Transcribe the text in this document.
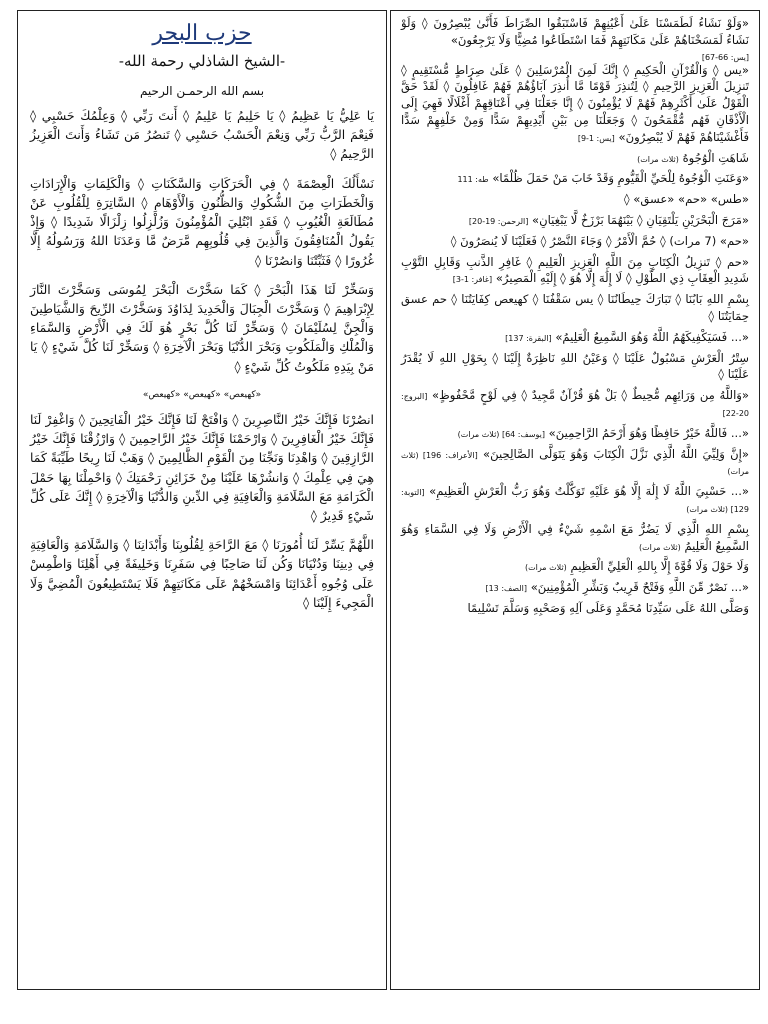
حزب البحر
-الشيخ الشاذلي رحمة الله-
بسم الله الرحمـن الرحيم

يَا عَلِيُّ يَا عَظِيمُ ◊ يَا حَلِيمُ يَا عَلِيمُ ◊ أَنتَ رَبِّي ◊ وَعِلْمُكَ حَسْبِي ◊ فَنِعْمَ الرَّبُّ رَبِّي وَنِعْمَ الْحَسْبُ حَسْبِي ◊ تَنصُرُ مَن تَشَاءُ وَأَنتَ الْعَزِيزُ الرَّحِيمُ ◊

نَسْأَلُكَ الْعِصْمَةَ ◊ فِي الْحَرَكَاتِ وَالسَّكَنَاتِ ◊ وَالْكَلِمَاتِ وَالْإِرَادَاتِ وَالْخَطَرَاتِ مِنَ الشُّكُوكِ وَالظُّنُونِ وَالْأَوْهَامِ ◊ السَّاتِرَةِ لِلْقُلُوبِ عَنْ مُطَالَعَةِ الْغُيُوبِ ◊ فَقَدِ ابْتُلِيَ الْمُؤْمِنُونَ وَزُلْزِلُوا زِلْزَالًا شَدِيدًا ◊ وَإِذْ يَقُولُ الْمُنَافِقُونَ وَالَّذِينَ فِي قُلُوبِهِم مَّرَضٌ مَّا وَعَدَنَا اللهُ وَرَسُولُهُ إِلَّا غُرُورًا ◊ فَثَبِّتْنَا وَانصُرْنَا ◊

وَسَخِّرْ لَنَا هَذَا الْبَحْرَ ◊ كَمَا سَخَّرْتَ الْبَحْرَ لِمُوسَى وَسَخَّرْتَ النَّارَ لِإِبْرَاهِيمَ ◊ وَسَخَّرْتَ الْجِبَالَ وَالْحَدِيدَ لِدَاوُدَ وَسَخَّرْتَ الرِّيحَ وَالشَّيَاطِينَ وَالْجِنَّ لِسُلَيْمَانَ ◊ وَسَخِّرْ لَنَا كُلَّ بَحْرٍ هُوَ لَكَ فِي الْأَرْضِ وَالسَّمَاءِ وَالْمُلْكِ وَالْمَلَكُوتِ وَبَحْرَ الدُّنْيَا وَبَحْرَ الْآخِرَةِ ◊ وَسَخِّرْ لَنَا كُلَّ شَيْءٍ ◊ يَا مَنْ بِيَدِهِ مَلَكُوتُ كُلِّ شَيْءٍ ◊

«كهيعص» «كهيعص» «كهيعص»

انصُرْنَا فَإِنَّكَ خَيْرُ النَّاصِرِينَ ◊ وَافْتَحْ لَنَا فَإِنَّكَ خَيْرُ الْفَاتِحِينَ ◊ وَاغْفِرْ لَنَا فَإِنَّكَ خَيْرُ الْغَافِرِينَ ◊ وَارْحَمْنَا فَإِنَّكَ خَيْرُ الرَّاحِمِينَ ◊ وَارْزُقْنَا فَإِنَّكَ خَيْرُ الرَّازِقِينَ ◊ وَاهْدِنَا وَنَجِّنَا مِنَ الْقَوْمِ الظَّالِمِينَ ◊ وَهَبْ لَنَا رِيحًا طَيِّبَةً كَمَا هِيَ فِي عِلْمِكَ ◊ وَانشُرْهَا عَلَيْنَا مِنْ خَزَائِنِ رَحْمَتِكَ ◊ وَاحْمِلْنَا بِهَا حَمْلَ الْكَرَامَةِ مَعَ السَّلَامَةِ وَالْعَافِيَةِ فِي الدِّينِ وَالدُّنْيَا وَالْآخِرَةِ ◊ إِنَّكَ عَلَى كُلِّ شَيْءٍ قَدِيرٌ ◊

اللَّهُمَّ يَسِّرْ لَنَا أُمُورَنَا ◊ مَعَ الرَّاحَةِ لِقُلُوبِنَا وَأَبْدَانِنَا ◊ وَالسَّلَامَةِ وَالْعَافِيَةِ فِي دِينِنَا وَدُنْيَانَا وَكُن لَنَا صَاحِبًا فِي سَفَرِنَا وَخَلِيفَةً فِي أَهْلِنَا وَاطْمِسْ عَلَى وُجُوهِ أَعْدَائِنَا وَامْسَخْهُمْ عَلَى مَكَانَتِهِمْ فَلَا يَسْتَطِيعُونَ الْمُضِيَّ وَلَا الْمَجِيءَ إِلَيْنَا ◊

«وَلَوْ نَشَاءُ لَطَمَسْنَا عَلَىٰ أَعْيُنِهِمْ فَاسْتَبَقُوا الصِّرَاطَ فَأَنَّىٰ يُبْصِرُونَ ◊ وَلَوْ نَشَاءُ لَمَسَخْنَاهُمْ عَلَىٰ مَكَانَتِهِمْ فَمَا اسْتَطَاعُوا مُضِيًّا وَلَا يَرْجِعُونَ»

[يس: 66-67]

«يس ◊ وَالْقُرْآنِ الْحَكِيمِ ◊ إِنَّكَ لَمِنَ الْمُرْسَلِينَ ◊ عَلَىٰ صِرَاطٍ مُّسْتَقِيمٍ ◊ تَنزِيلَ الْعَزِيزِ الرَّحِيمِ ◊ لِتُنذِرَ قَوْمًا مَّا أُنذِرَ آبَاؤُهُمْ فَهُمْ غَافِلُونَ ◊ لَقَدْ حَقَّ الْقَوْلُ عَلَىٰ أَكْثَرِهِمْ فَهُمْ لَا يُؤْمِنُونَ ◊ إِنَّا جَعَلْنَا فِي أَعْنَاقِهِمْ أَغْلَالًا فَهِيَ إِلَى الْأَذْقَانِ فَهُم مُّقْمَحُونَ ◊ وَجَعَلْنَا مِن بَيْنِ أَيْدِيهِمْ سَدًّا وَمِنْ خَلْفِهِمْ سَدًّا فَأَغْشَيْنَاهُمْ فَهُمْ لَا يُبْصِرُونَ» [يس: 1-9]

شَاهَتِ الْوُجُوهُ (ثلاث مرات)

«وَعَنَتِ الْوُجُوهُ لِلْحَيِّ الْقَيُّومِ وَقَدْ خَابَ مَنْ حَمَلَ ظُلْمًا» طه: 111

«طس» «حم» «عسق» ◊

«مَرَجَ الْبَحْرَيْنِ يَلْتَقِيَانِ ◊ بَيْنَهُمَا بَرْزَخٌ لَّا يَبْغِيَانِ» [الرحمن: 19-20]

«حم» (7 مرات) ◊ حُمَّ الْأَمْرُ ◊ وَجَاءَ النَّصْرُ ◊ فَعَلَيْنَا لَا يُنصَرُونَ ◊

«حم ◊ تَنزِيلُ الْكِتَابِ مِنَ اللَّهِ الْعَزِيزِ الْعَلِيمِ ◊ غَافِرِ الذَّنبِ وَقَابِلِ التَّوْبِ شَدِيدِ الْعِقَابِ ذِي الطَّوْلِ ◊ لَا إِلَٰهَ إِلَّا هُوَ ◊ إِلَيْهِ الْمَصِيرُ» [غافر: 1-3]

بِسْمِ اللهِ بَابُنَا ◊ تَبَارَكَ حِيطَانُنَا ◊ يس سَقْفُنَا ◊ كهيعص كِفَايَتُنَا ◊ حم عسق حِمَايَتُنَا ◊

«... فَسَيَكْفِيكَهُمُ اللَّهُ وَهُوَ السَّمِيعُ الْعَلِيمُ» [البقرة: 137]

سِتْرُ الْعَرْشِ مَسْبُولٌ عَلَيْنَا ◊ وَعَيْنُ اللهِ نَاظِرَةٌ إِلَيْنَا ◊ بِحَوْلِ اللهِ لَا يُقْدَرُ عَلَيْنَا ◊

«وَاللَّهُ مِن وَرَائِهِم مُّحِيطٌ ◊ بَلْ هُوَ قُرْآنٌ مَّجِيدٌ ◊ فِي لَوْحٍ مَّحْفُوظٍ» [البروج: 20-22]

«... فَاللَّهُ خَيْرٌ حَافِظًا وَهُوَ أَرْحَمُ الرَّاحِمِينَ» [يوسف: 64] (ثلاث مرات)

«إِنَّ وَلِيِّيَ اللَّهُ الَّذِي نَزَّلَ الْكِتَابَ وَهُوَ يَتَوَلَّى الصَّالِحِينَ» [الأعراف: 196] (ثلاث مرات)

«... حَسْبِيَ اللَّهُ لَا إِلَٰهَ إِلَّا هُوَ عَلَيْهِ تَوَكَّلْتُ وَهُوَ رَبُّ الْعَرْشِ الْعَظِيمِ» [التوبة: 129] (ثلاث مرات)

بِسْمِ اللهِ الَّذِي لَا يَضُرُّ مَعَ اسْمِهِ شَيْءٌ فِي الْأَرْضِ وَلَا فِي السَّمَاءِ وَهُوَ السَّمِيعُ الْعَلِيمُ (ثلاث مرات)

وَلَا حَوْلَ وَلَا قُوَّةَ إِلَّا بِاللهِ الْعَلِيِّ الْعَظِيمِ (ثلاث مرات)

«... نَصْرٌ مِّنَ اللَّهِ وَفَتْحٌ قَرِيبٌ وَبَشِّرِ الْمُؤْمِنِينَ» [الصف: 13]

وَصَلَّى اللهُ عَلَى سَيِّدِنَا مُحَمَّدٍ وَعَلَى آلِهِ وَصَحْبِهِ وَسَلَّمَ تَسْلِيمًا
